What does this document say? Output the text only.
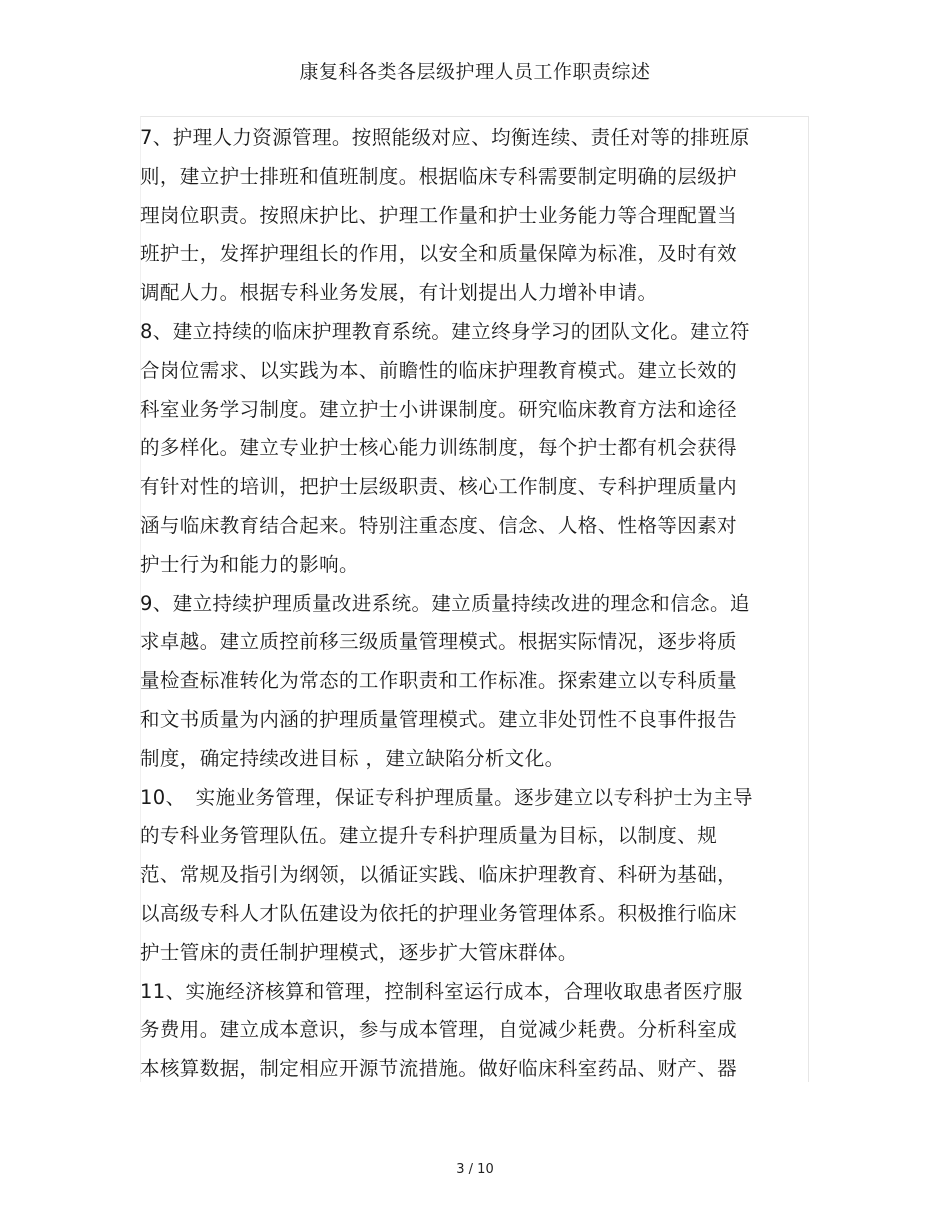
康复科各类各层级护理人员工作职责综述
7、护理人力资源管理。按照能级对应、均衡连续、责任对等的排班原
则，建立护士排班和值班制度。根据临床专科需要制定明确的层级护
理岗位职责。按照床护比、护理工作量和护士业务能力等合理配置当
班护士，发挥护理组长的作用，以安全和质量保障为标准，及时有效
调配人力。根据专科业务发展，有计划提出人力增补申请。
8、建立持续的临床护理教育系统。建立终身学习的团队文化。建立符
合岗位需求、以实践为本、前瞻性的临床护理教育模式。建立长效的
科室业务学习制度。建立护士小讲课制度。研究临床教育方法和途径
的多样化。建立专业护士核心能力训练制度，每个护士都有机会获得
有针对性的培训，把护士层级职责、核心工作制度、专科护理质量内
涵与临床教育结合起来。特别注重态度、信念、人格、性格等因素对
护士行为和能力的影响。
9、建立持续护理质量改进系统。建立质量持续改进的理念和信念。追
求卓越。建立质控前移三级质量管理模式。根据实际情况，逐步将质
量检查标准转化为常态的工作职责和工作标准。探索建立以专科质量
和文书质量为内涵的护理质量管理模式。建立非处罚性不良事件报告
制度，确定持续改进目标 ，建立缺陷分析文化。
10、　实施业务管理，保证专科护理质量。逐步建立以专科护士为主导
的专科业务管理队伍。建立提升专科护理质量为目标，以制度、规
范、常规及指引为纲领，以循证实践、临床护理教育、科研为基础，
以高级专科人才队伍建设为依托的护理业务管理体系。积极推行临床
护士管床的责任制护理模式，逐步扩大管床群体。
11、实施经济核算和管理，控制科室运行成本，合理收取患者医疗服
务费用。建立成本意识，参与成本管理，自觉减少耗费。分析科室成
本核算数据，制定相应开源节流措施。做好临床科室药品、财产、器
3 / 10
